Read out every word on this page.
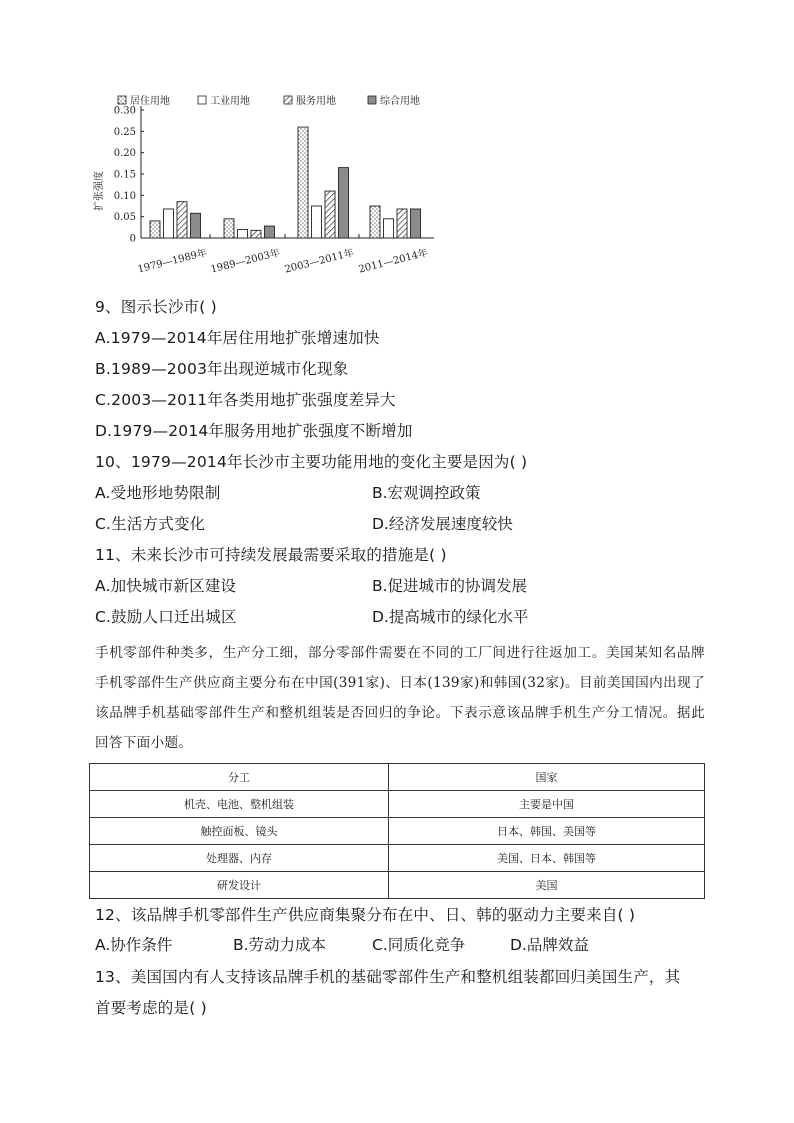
居住用地	工业用地	服务用地	综合用地
扩张强度
0.30
0.25
0.20
0.15
0.10
0.05
0
1979—1989年 1989—2003年 2003—2011年 2011—2014年
9、图示长沙市( )
A.1979—2014年居住用地扩张增速加快
B.1989—2003年出现逆城市化现象
C.2003—2011年各类用地扩张强度差异大
D.1979—2014年服务用地扩张强度不断增加
10、1979—2014年长沙市主要功能用地的变化主要是因为( )
A.受地形地势限制	B.宏观调控政策
C.生活方式变化	D.经济发展速度较快
11、未来长沙市可持续发展最需要采取的措施是( )
A.加快城市新区建设	B.促进城市的协调发展
C.鼓励人口迁出城区	D.提高城市的绿化水平
手机零部件种类多，生产分工细，部分零部件需要在不同的工厂间进行往返加工。美国某知名品牌手机零部件生产供应商主要分布在中国(391家)、日本(139家)和韩国(32家)。目前美国国内出现了该品牌手机基础零部件生产和整机组装是否回归的争论。下表示意该品牌手机生产分工情况。据此回答下面小题。
分工	国家
机壳、电池、整机组装	主要是中国
触控面板、镜头	日本、韩国、美国等
处理器、内存	美国、日本、韩国等
研发设计	美国
12、该品牌手机零部件生产供应商集聚分布在中、日、韩的驱动力主要来自( )
A.协作条件	B.劳动力成本	C.同质化竞争	D.品牌效益
13、美国国内有人支持该品牌手机的基础零部件生产和整机组装都回归美国生产，其
首要考虑的是( )
